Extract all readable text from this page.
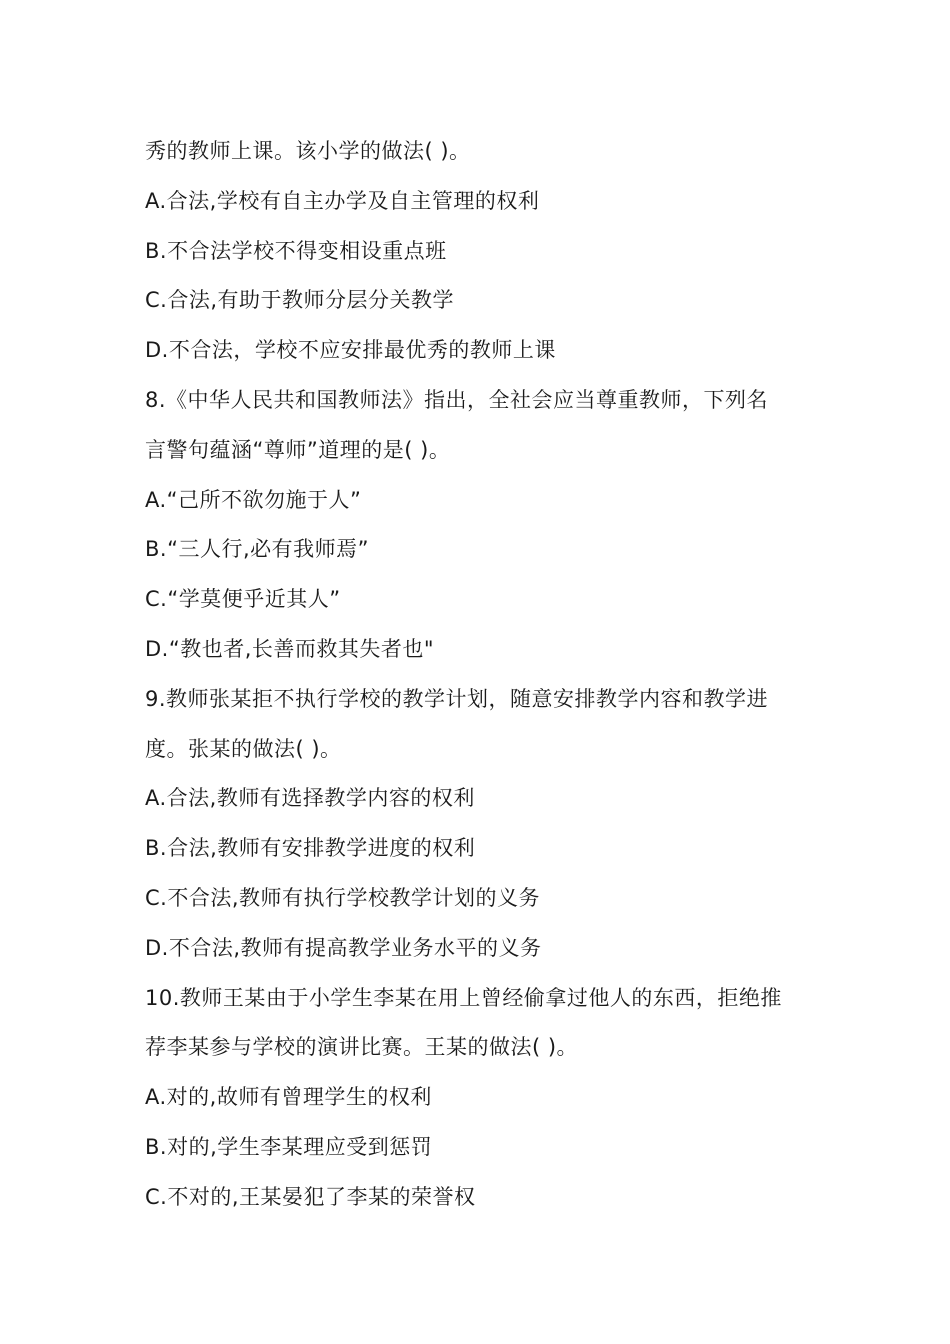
秀的教师上课。该小学的做法( )。
A.合法,学校有自主办学及自主管理的权利
B.不合法学校不得变相设重点班
C.合法,有助于教师分层分关教学
D.不合法，学校不应安排最优秀的教师上课
8.《中华人民共和国教师法》指出，全社会应当尊重教师，下列名
言警句蕴涵“尊师”道理的是( )。
A.“己所不欲勿施于人”
B.“三人行,必有我师焉”
C.“学莫便乎近其人”
D.“教也者,长善而救其失者也"
9.教师张某拒不执行学校的教学计划，随意安排教学内容和教学进
度。张某的做法( )。
A.合法,教师有选择教学内容的权利
B.合法,教师有安排教学进度的权利
C.不合法,教师有执行学校教学计划的义务
D.不合法,教师有提高教学业务水平的义务
10.教师王某由于小学生李某在用上曾经偷拿过他人的东西，拒绝推
荐李某参与学校的演讲比赛。王某的做法( )。
A.对的,故师有曾理学生的权利
B.对的,学生李某理应受到惩罚
C.不对的,王某晏犯了李某的荣誉权
